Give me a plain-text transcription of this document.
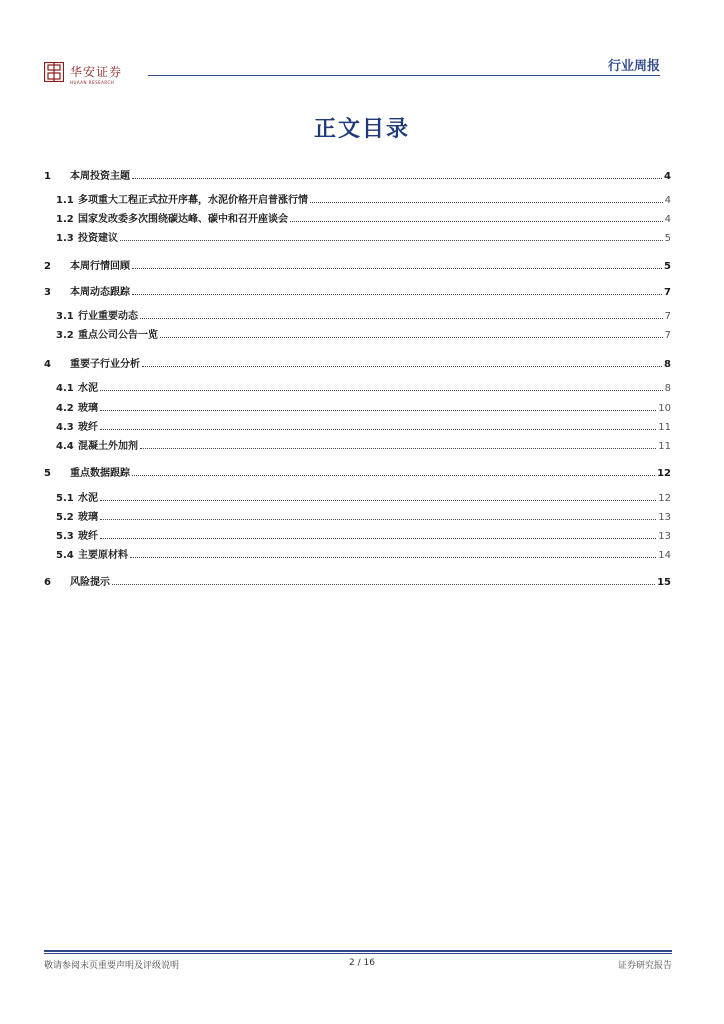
华安证券
HUAAN RESEARCH
行业周报
正文目录
1	本周投资主题	4
1.1 多项重大工程正式拉开序幕，水泥价格开启普涨行情	4
1.2 国家发改委多次围绕碳达峰、碳中和召开座谈会	4
1.3 投资建议	5
2	本周行情回顾	5
3	本周动态跟踪	7
3.1 行业重要动态	7
3.2 重点公司公告一览	7
4	重要子行业分析	8
4.1 水泥	8
4.2 玻璃	10
4.3 玻纤	11
4.4 混凝土外加剂	11
5	重点数据跟踪	12
5.1 水泥	12
5.2 玻璃	13
5.3 玻纤	13
5.4 主要原材料	14
6	风险提示	15
敬请参阅末页重要声明及评级说明	2 / 16	证券研究报告
